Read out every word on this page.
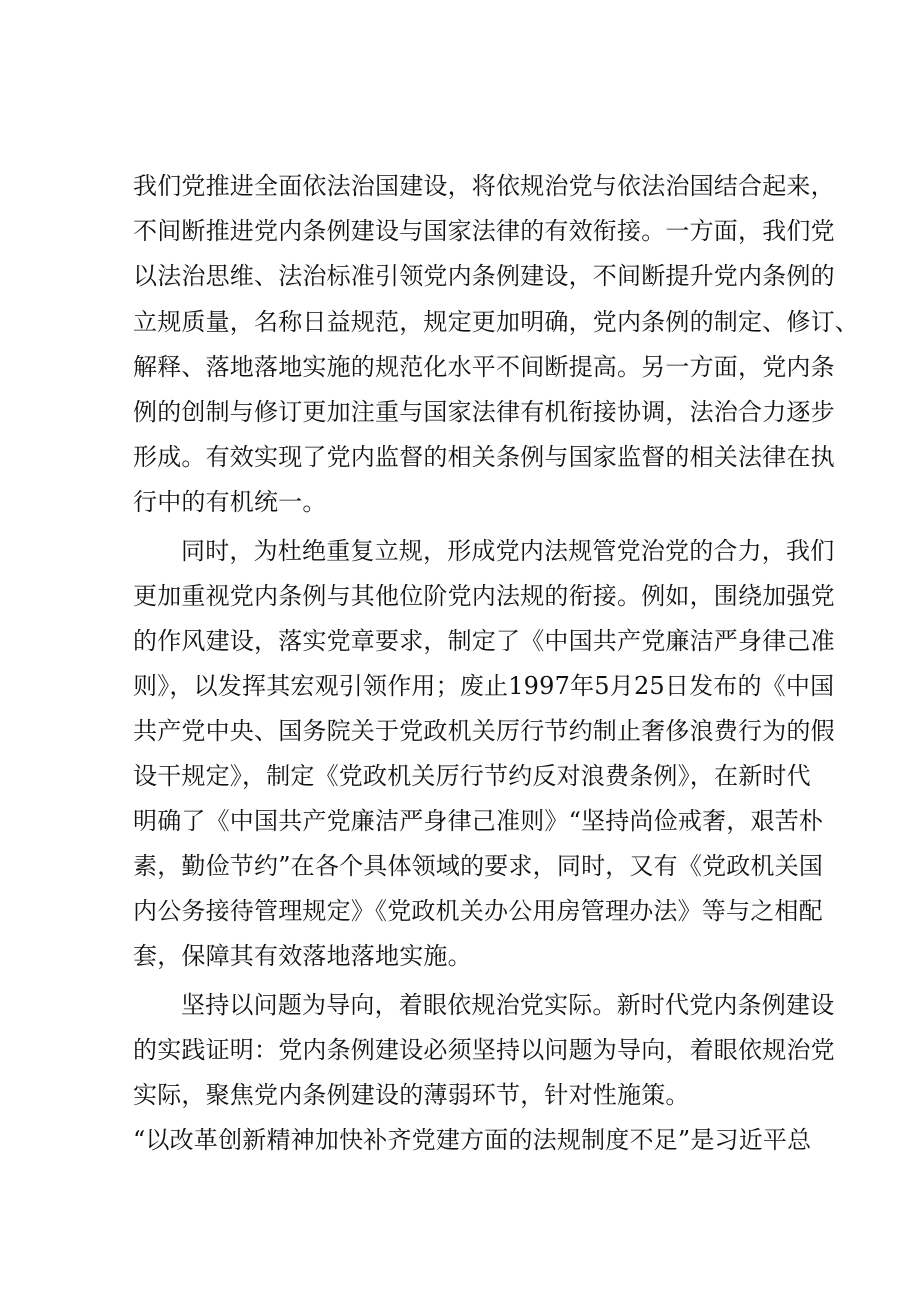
我们党推进全面依法治国建设，将依规治党与依法治国结合起来，
不间断推进党内条例建设与国家法律的有效衔接。一方面，我们党
以法治思维、法治标准引领党内条例建设，不间断提升党内条例的
立规质量，名称日益规范，规定更加明确，党内条例的制定、修订、
解释、落地落地实施的规范化水平不间断提高。另一方面，党内条
例的创制与修订更加注重与国家法律有机衔接协调，法治合力逐步
形成。有效实现了党内监督的相关条例与国家监督的相关法律在执
行中的有机统一。
同时，为杜绝重复立规，形成党内法规管党治党的合力，我们
更加重视党内条例与其他位阶党内法规的衔接。例如，围绕加强党
的作风建设，落实党章要求，制定了《中国共产党廉洁严身律己准
则》，以发挥其宏观引领作用；废止1997年5月25日发布的《中国
共产党中央、国务院关于党政机关厉行节约制止奢侈浪费行为的假
设干规定》，制定《党政机关厉行节约反对浪费条例》，在新时代
明确了《中国共产党廉洁严身律己准则》“坚持尚俭戒奢，艰苦朴
素，勤俭节约”在各个具体领域的要求，同时，又有《党政机关国
内公务接待管理规定》《党政机关办公用房管理办法》等与之相配
套，保障其有效落地落地实施。
坚持以问题为导向，着眼依规治党实际。新时代党内条例建设
的实践证明：党内条例建设必须坚持以问题为导向，着眼依规治党
实际，聚焦党内条例建设的薄弱环节，针对性施策。
“以改革创新精神加快补齐党建方面的法规制度不足”是习近平总
